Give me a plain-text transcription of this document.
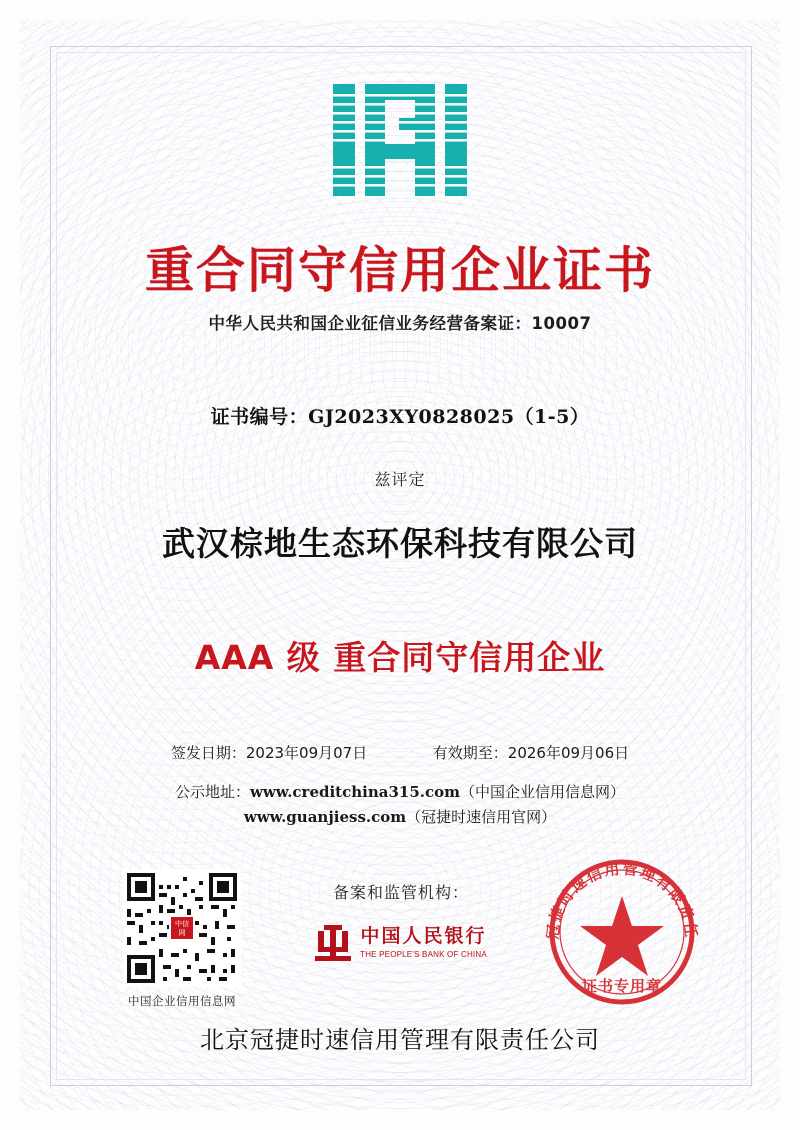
重合同守信用企业证书
中华人民共和国企业征信业务经营备案证：10007
证书编号：GJ2023XY0828025（1-5）
兹评定
武汉棕地生态环保科技有限公司
AAA 级 重合同守信用企业
签发日期：2023年09月07日	有效期至：2026年09月06日
公示地址：www.creditchina315.com（中国企业信用信息网）
www.guanjiess.com（冠捷时速信用官网）
中信
网
中国企业信用信息网
备案和监管机构：
中国人民银行
THE PEOPLE'S BANK OF CHINA
冠捷时速信用管理有限责任
证书专用章
北京冠捷时速信用管理有限责任公司
